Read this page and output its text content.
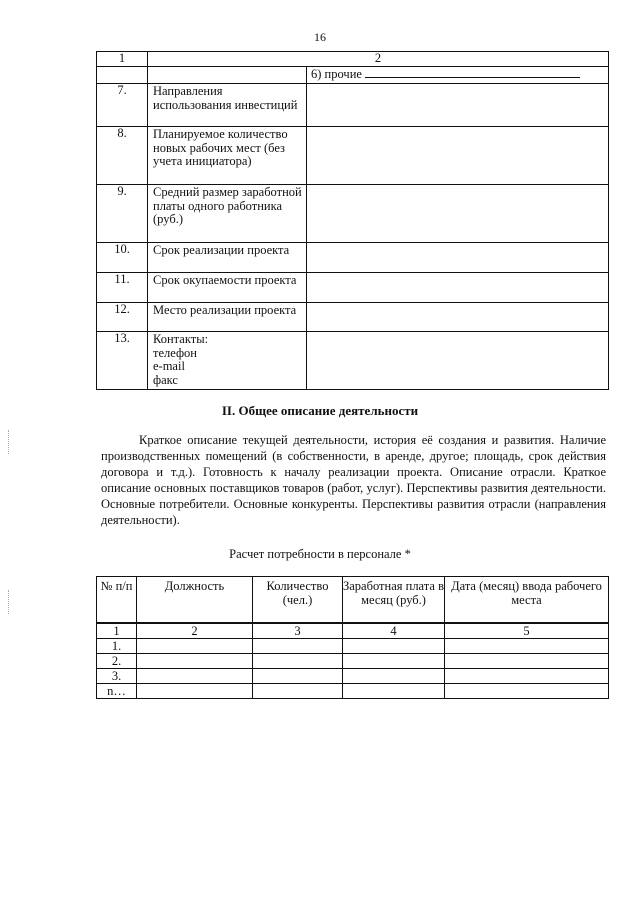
16
1	2	
		6) прочие
7.	Направления использования инвестиций	
8.	Планируемое количество новых рабочих мест (без учета инициатора)	
9.	Средний размер заработной платы одного работника (руб.)	
10.	Срок реализации проекта	
11.	Срок окупаемости проекта	
12.	Место реализации проекта	
13.	Контакты:
телефон
e-mail
факс	

II. Общее описание деятельности

Краткое описание текущей деятельности, история её создания и развития. Наличие производственных помещений (в собственности, в аренде, другое; площадь, срок действия договора и т.д.). Готовность к началу реализации проекта. Описание отрасли. Краткое описание основных поставщиков товаров (работ, услуг). Перспективы развития деятельности. Основные потребители. Основные конкуренты. Перспективы развития отрасли (направления деятельности).

Расчет потребности в персонале *
№ п/п	Должность	Количество (чел.)	Заработная плата в месяц (руб.)	Дата (месяц) ввода рабочего места
1	2	3	4	5
1.				
2.				
3.				
n…				
